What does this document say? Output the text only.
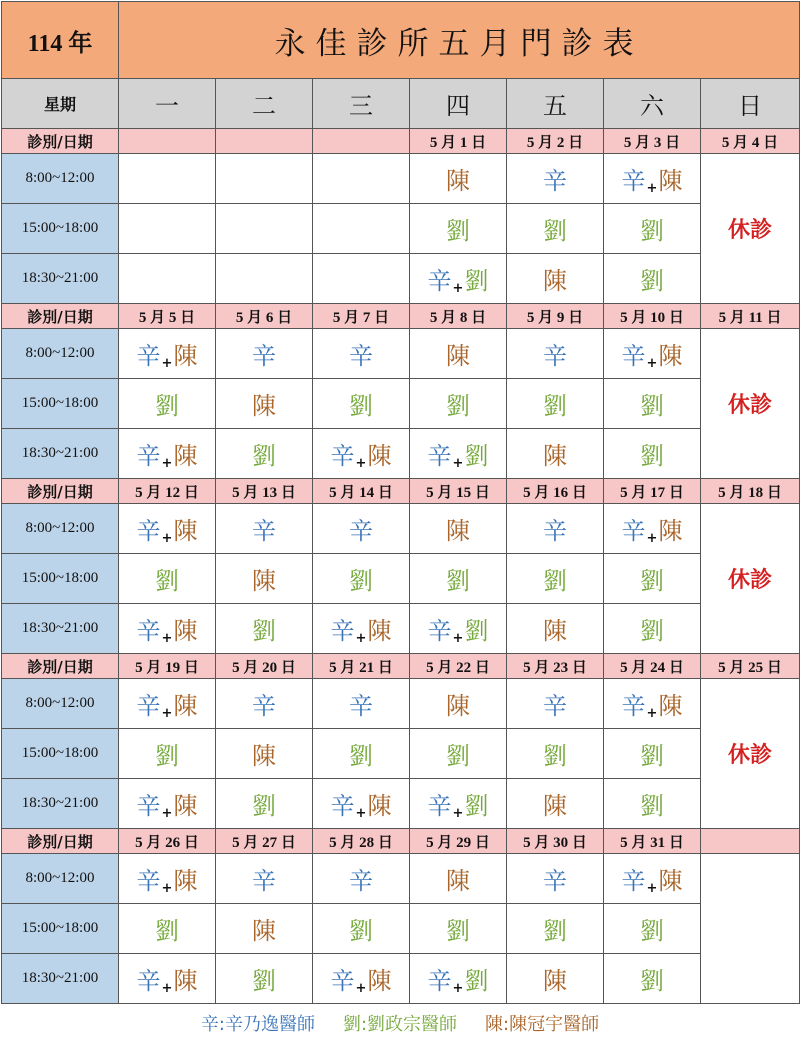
114 年	永佳診所五月門診表						
星期	一	二	三	四	五	六	日
診別/日期				5 月 1 日	5 月 2 日	5 月 3 日	5 月 4 日
8:00~12:00				陳	辛	辛+陳	休診
15:00~18:00				劉	劉	劉	
18:30~21:00				辛+劉	陳	劉	
診別/日期	5 月 5 日	5 月 6 日	5 月 7 日	5 月 8 日	5 月 9 日	5 月 10 日	5 月 11 日
8:00~12:00	辛+陳	辛	辛	陳	辛	辛+陳	休診
15:00~18:00	劉	陳	劉	劉	劉	劉	
18:30~21:00	辛+陳	劉	辛+陳	辛+劉	陳	劉	
診別/日期	5 月 12 日	5 月 13 日	5 月 14 日	5 月 15 日	5 月 16 日	5 月 17 日	5 月 18 日
8:00~12:00	辛+陳	辛	辛	陳	辛	辛+陳	休診
15:00~18:00	劉	陳	劉	劉	劉	劉	
18:30~21:00	辛+陳	劉	辛+陳	辛+劉	陳	劉	
診別/日期	5 月 19 日	5 月 20 日	5 月 21 日	5 月 22 日	5 月 23 日	5 月 24 日	5 月 25 日
8:00~12:00	辛+陳	辛	辛	陳	辛	辛+陳	休診
15:00~18:00	劉	陳	劉	劉	劉	劉	
18:30~21:00	辛+陳	劉	辛+陳	辛+劉	陳	劉	
診別/日期	5 月 26 日	5 月 27 日	5 月 28 日	5 月 29 日	5 月 30 日	5 月 31 日	
8:00~12:00	辛+陳	辛	辛	陳	辛	辛+陳	
15:00~18:00	劉	陳	劉	劉	劉	劉	
18:30~21:00	辛+陳	劉	辛+陳	辛+劉	陳	劉	
辛:辛乃逸醫師 劉:劉政宗醫師 陳:陳冠宇醫師
